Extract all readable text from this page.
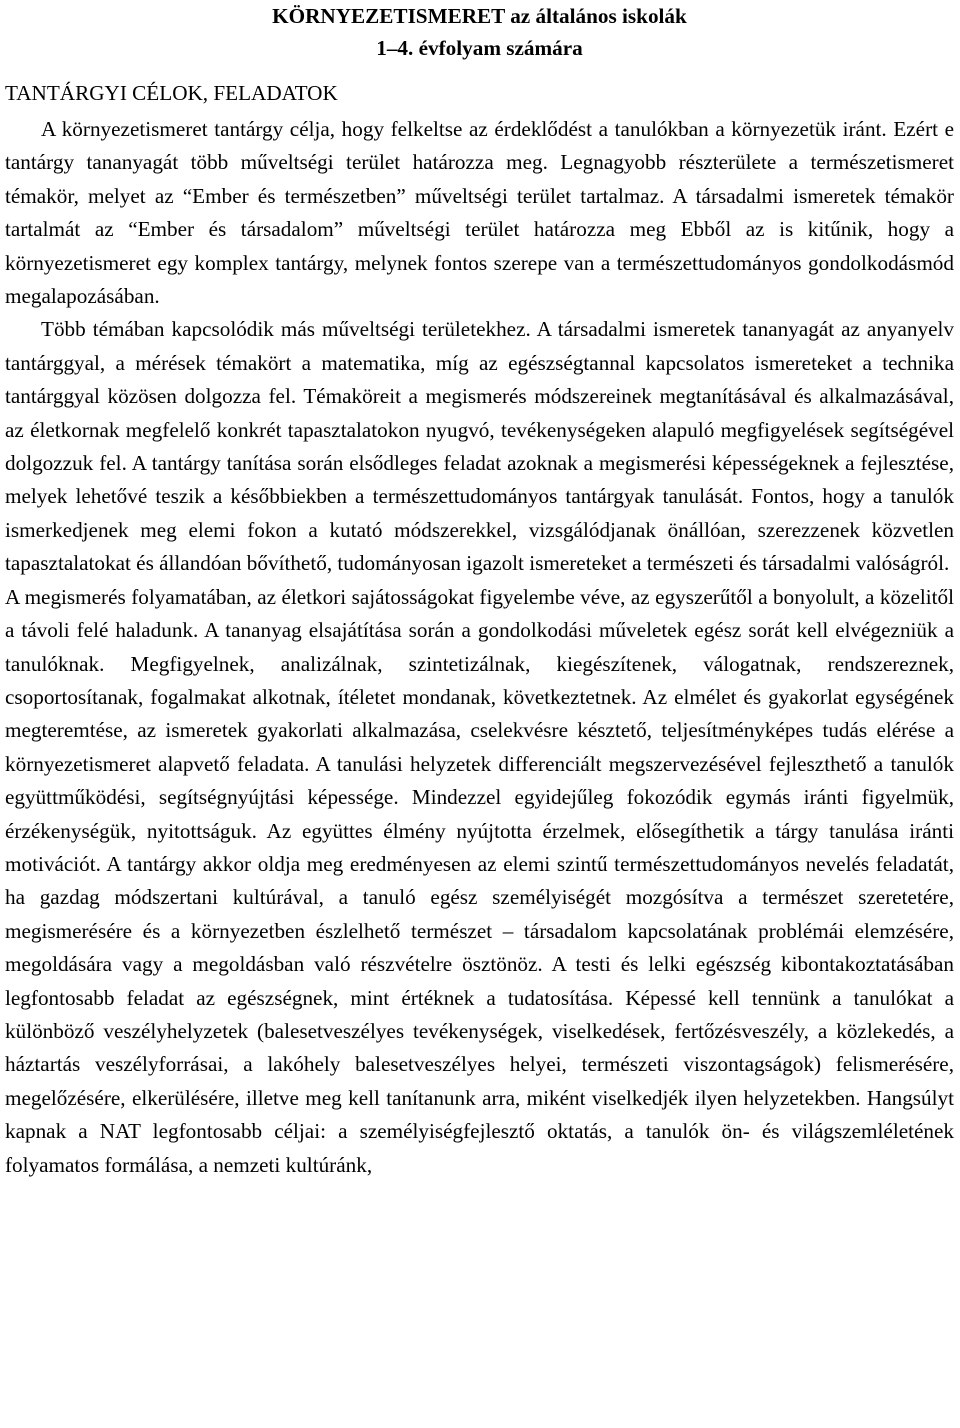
KÖRNYEZETISMERET az általános iskolák
1–4. évfolyam számára
TANTÁRGYI CÉLOK, FELADATOK

A környezetismeret tantárgy célja, hogy felkeltse az érdeklődést a tanulókban a környezetük iránt. Ezért e tantárgy tananyagát több műveltségi terület határozza meg. Legnagyobb részterülete a természetismeret témakör, melyet az “Ember és természetben” műveltségi terület tartalmaz. A társadalmi ismeretek témakör tartalmát az “Ember és társadalom” műveltségi terület határozza meg Ebből az is kitűnik, hogy a környezetismeret egy komplex tantárgy, melynek fontos szerepe van a természettudományos gondolkodásmód megalapozásában.

Több témában kapcsolódik más műveltségi területekhez. A társadalmi ismeretek tananyagát az anyanyelv tantárggyal, a mérések témakört a matematika, míg az egészségtannal kapcsolatos ismereteket a technika tantárggyal közösen dolgozza fel. Témaköreit a megismerés módszereinek megtanításával és alkalmazásával, az életkornak megfelelő konkrét tapasztalatokon nyugvó, tevékenységeken alapuló megfigyelések segítségével dolgozzuk fel. A tantárgy tanítása során elsődleges feladat azoknak a megismerési képességeknek a fejlesztése, melyek lehetővé teszik a későbbiekben a természettudományos tantárgyak tanulását. Fontos, hogy a tanulók ismerkedjenek meg elemi fokon a kutató módszerekkel, vizsgálódjanak önállóan, szerezzenek közvetlen tapasztalatokat és állandóan bővíthető, tudományosan igazolt ismereteket a természeti és társadalmi valóságról.

A megismerés folyamatában, az életkori sajátosságokat figyelembe véve, az egyszerűtől a bonyolult, a közelitől a távoli felé haladunk. A tananyag elsajátítása során a gondolkodási műveletek egész sorát kell elvégezniük a tanulóknak. Megfigyelnek, analizálnak, szintetizálnak, kiegészítenek, válogatnak, rendszereznek, csoportosítanak, fogalmakat alkotnak, ítéletet mondanak, következtetnek. Az elmélet és gyakorlat egységének megteremtése, az ismeretek gyakorlati alkalmazása, cselekvésre késztető, teljesítményképes tudás elérése a környezetismeret alapvető feladata. A tanulási helyzetek differenciált megszervezésével fejleszthető a tanulók együttműködési, segítségnyújtási képessége. Mindezzel egyidejűleg fokozódik egymás iránti figyelmük, érzékenységük, nyitottságuk. Az együttes élmény nyújtotta érzelmek, elősegíthetik a tárgy tanulása iránti motivációt. A tantárgy akkor oldja meg eredményesen az elemi szintű természettudományos nevelés feladatát, ha gazdag módszertani kultúrával, a tanuló egész személyiségét mozgósítva a természet szeretetére, megismerésére és a környezetben észlelhető természet – társadalom kapcsolatának problémái elemzésére, megoldására vagy a megoldásban való részvételre ösztönöz. A testi és lelki egészség kibontakoztatásában legfontosabb feladat az egészségnek, mint értéknek a tudatosítása. Képessé kell tennünk a tanulókat a különböző veszélyhelyzetek (balesetveszélyes tevékenységek, viselkedések, fertőzésveszély, a közlekedés, a háztartás veszélyforrásai, a lakóhely balesetveszélyes helyei, természeti viszontagságok) felismerésére, megelőzésére, elkerülésére, illetve meg kell tanítanunk arra, miként viselkedjék ilyen helyzetekben. Hangsúlyt kapnak a NAT legfontosabb céljai: a személyiségfejlesztő oktatás, a tanulók ön- és világszemléletének folyamatos formálása, a nemzeti kultúránk,
